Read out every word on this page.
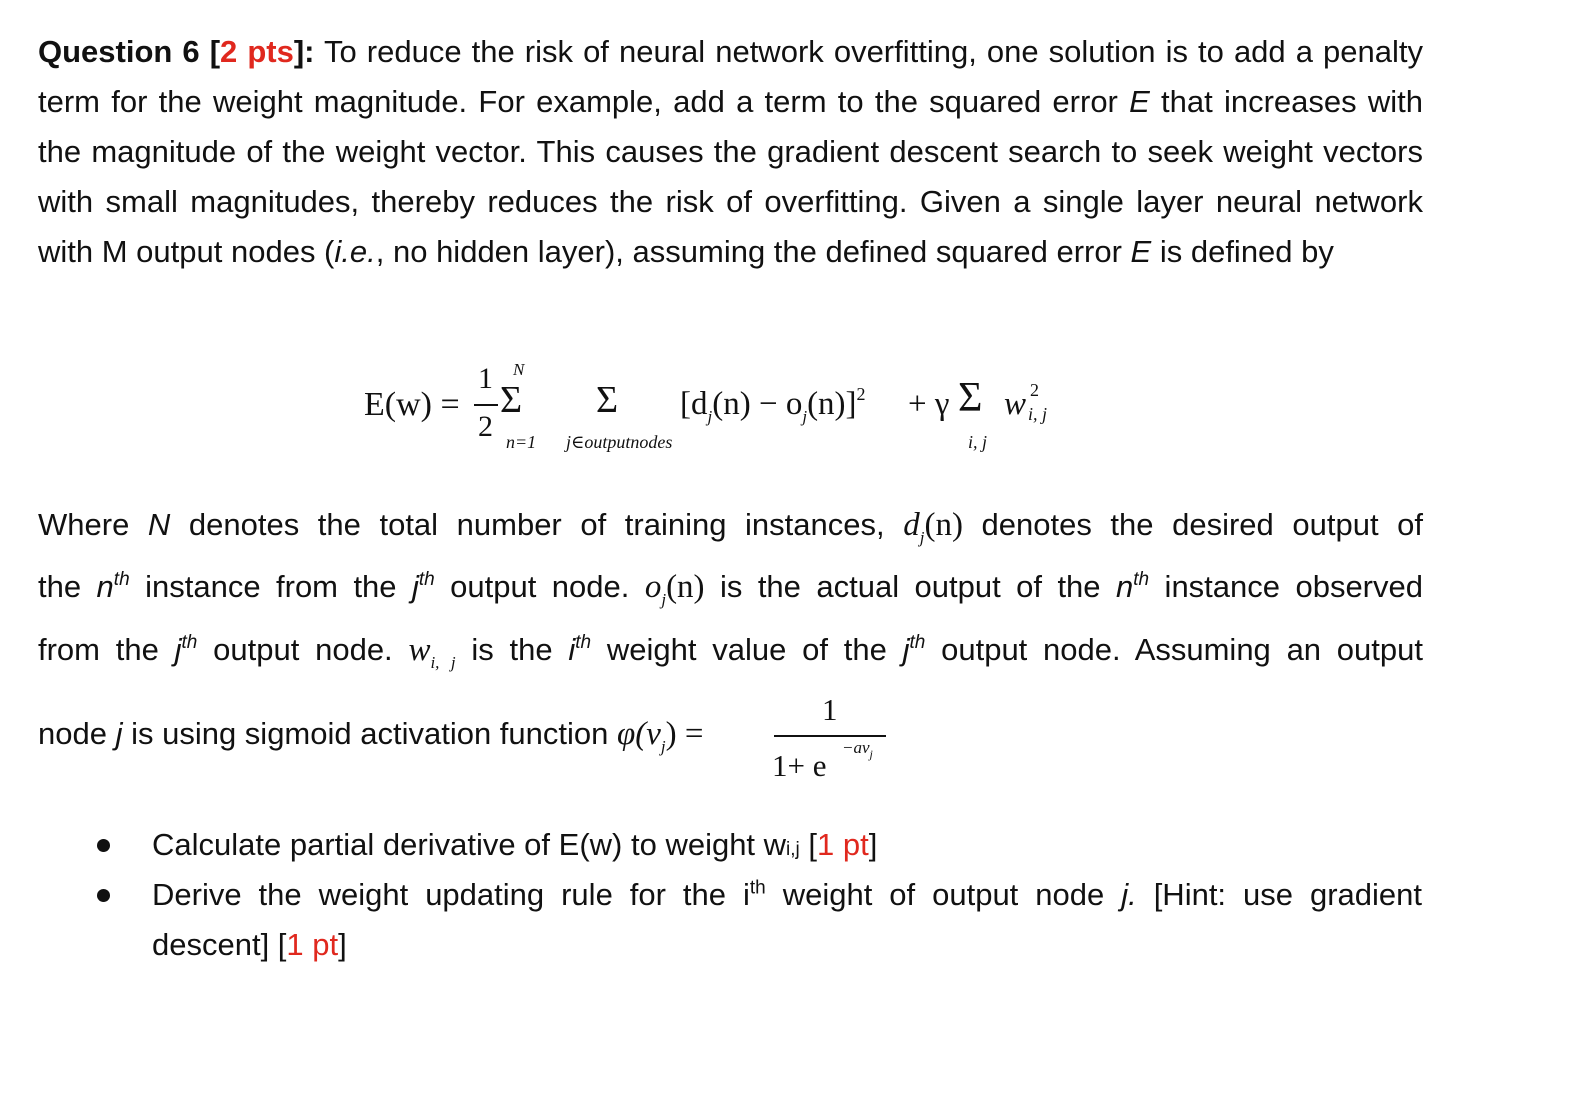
Question 6 [2 pts]: To reduce the risk of neural network overfitting, one solution is to add a penalty term for the weight magnitude. For example, add a term to the squared error E that increases with the magnitude of the weight vector. This causes the gradient descent search to seek weight vectors with small magnitudes, thereby reduces the risk of overfitting. Given a single layer neural network with M output nodes (i.e., no hidden layer), assuming the defined squared error E is defined by
E(w) =
1
2
N
Σ
n=1
Σ
j∈outputnodes
$[d_j(n) - o_j(n)]^2 + \gamma$ Σ
i, j
w 2
i, j
Where N denotes the total number of training instances, $d_j(n)$ denotes the desired output of
the $n^{th}$ instance from the $j^{th}$ output node. $o_j(n)$ is the actual output of the $n^{th}$ instance observed
from the $j^{th}$ output node. $w_{i, j}$ is the $i^{th}$ weight value of the $j^{th}$ output node. Assuming an output
node j is using sigmoid activation function $\varphi(v_j)$ =
1
1+ e
$-av_j$
Calculate partial derivative of E(w) to weight wi,j [1 pt]
Derive the weight updating rule for the $i^{th}$ weight of output node j. [Hint: use gradient descent] [1 pt]
